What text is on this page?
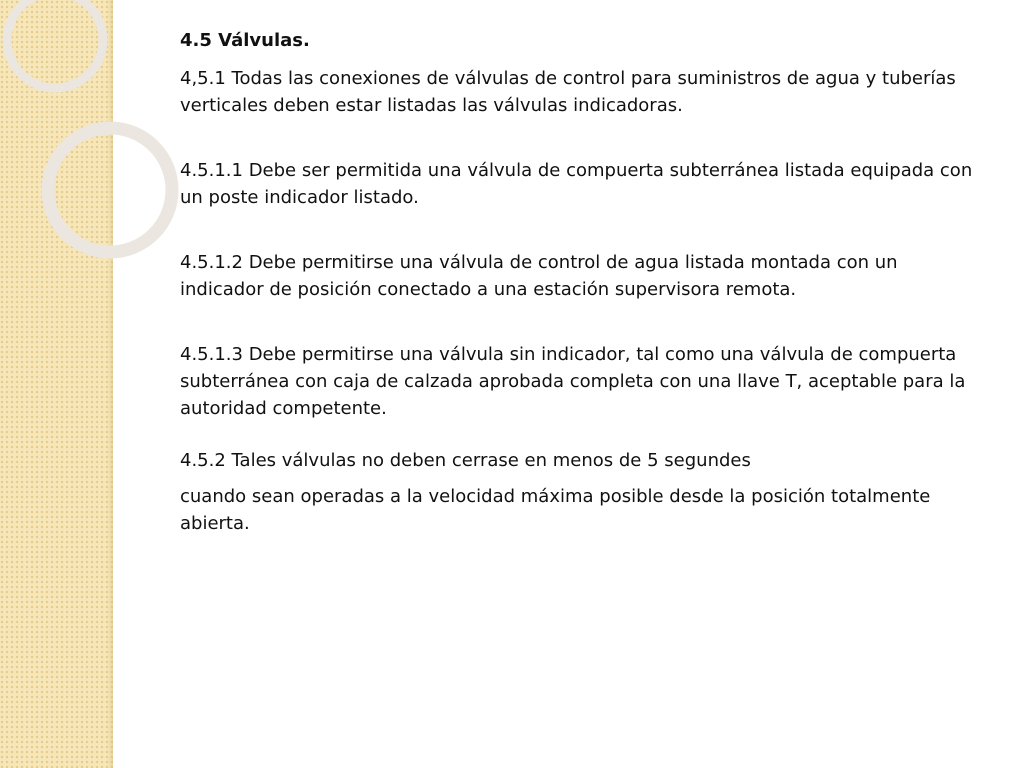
4.5 Válvulas.

4,5.1 Todas las conexiones de válvulas de control para suministros de agua y tuberías verticales deben estar listadas las válvulas indicadoras.

4.5.1.1 Debe ser permitida una válvula de compuerta subterránea listada equipada con un poste indicador listado.

4.5.1.2 Debe permitirse una válvula de control de agua listada montada con un indicador de posición conectado a una estación supervisora remota.

4.5.1.3 Debe permitirse una válvula sin indicador, tal como una válvula de compuerta subterránea con caja de calzada aprobada completa con una llave T, aceptable para la autoridad competente.

4.5.2 Tales válvulas no deben cerrase en menos de 5 segundes

cuando sean operadas a la velocidad máxima posible desde la posición totalmente abierta.
